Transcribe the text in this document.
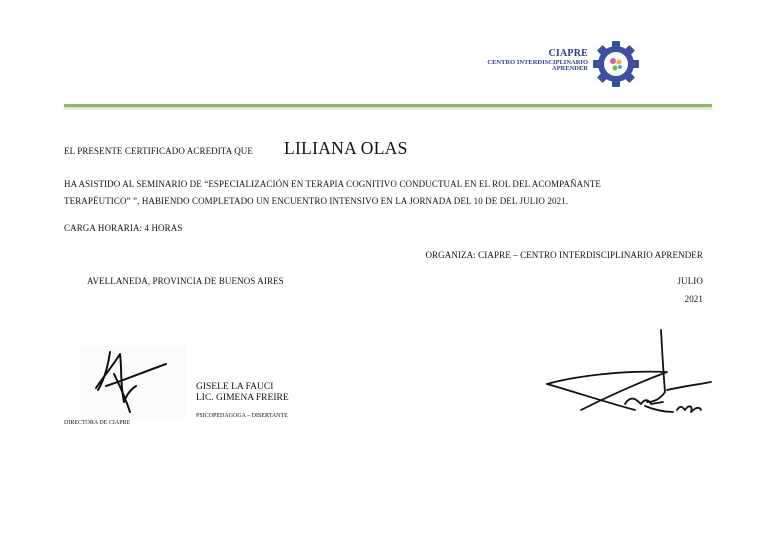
CIAPRE
CENTRO INTERDISCIPLINARIO
APRENDER
EL PRESENTE CERTIFICADO ACREDITA QUE LILIANA OLAS
HA ASISTIDO AL SEMINARIO DE “ESPECIALIZACIÓN EN TERAPIA COGNITIVO CONDUCTUAL EN EL ROL DEL ACOMPAÑANTE
TERAPÉUTICO” ”, HABIENDO COMPLETADO UN ENCUENTRO INTENSIVO EN LA JORNADA DEL 10 DE DEL JULIO 2021.
CARGA HORARIA: 4 HORAS
ORGANIZA: CIAPRE – CENTRO INTERDISCIPLINARIO APRENDER
AVELLANEDA, PROVINCIA DE BUENOS AIRES	JULIO
2021
DIRECTORA DE CIAPRE
GISELE LA FAUCI
LIC. GIMENA FREIRE
PSICOPEDAGOGA – DISERTANTE
